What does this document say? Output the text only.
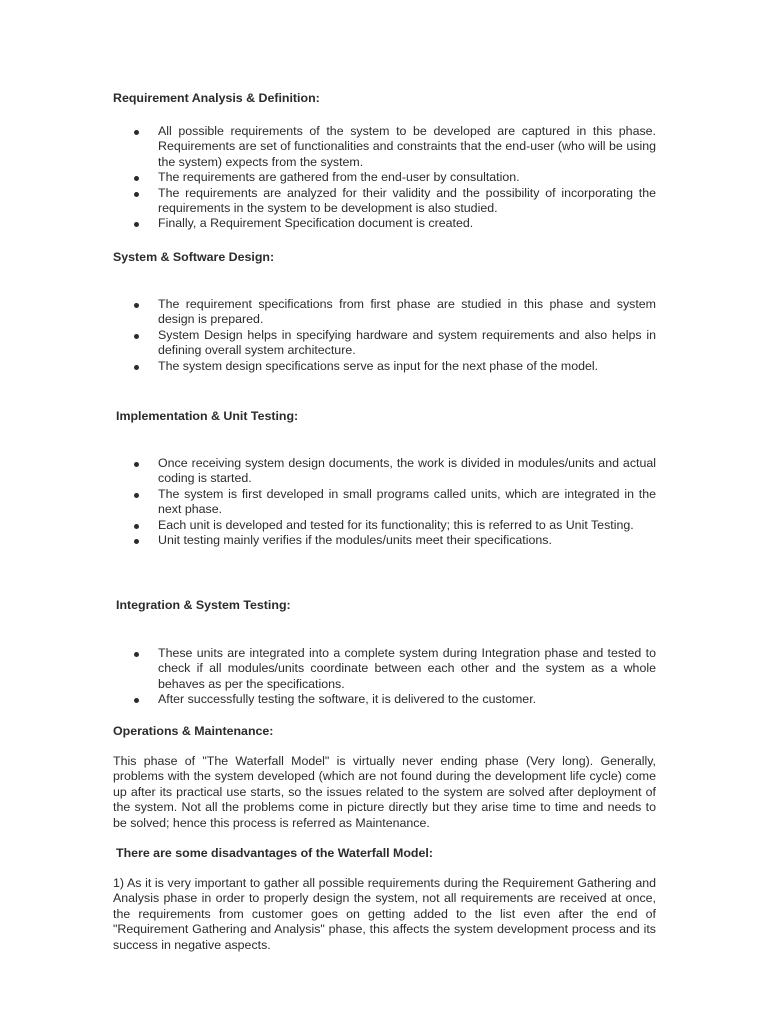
Requirement Analysis & Definition:
All possible requirements of the system to be developed are captured in this phase. Requirements are set of functionalities and constraints that the end-user (who will be using the system) expects from the system.
The requirements are gathered from the end-user by consultation.
The requirements are analyzed for their validity and the possibility of incorporating the requirements in the system to be development is also studied.
Finally, a Requirement Specification document is created.
System & Software Design:
The requirement specifications from first phase are studied in this phase and system design is prepared.
System Design helps in specifying hardware and system requirements and also helps in defining overall system architecture.
The system design specifications serve as input for the next phase of the model.
Implementation & Unit Testing:
Once receiving system design documents, the work is divided in modules/units and actual coding is started.
The system is first developed in small programs called units, which are integrated in the next phase.
Each unit is developed and tested for its functionality; this is referred to as Unit Testing.
Unit testing mainly verifies if the modules/units meet their specifications.
Integration & System Testing:
These units are integrated into a complete system during Integration phase and tested to check if all modules/units coordinate between each other and the system as a whole behaves as per the specifications.
After successfully testing the software, it is delivered to the customer.
Operations & Maintenance:

This phase of "The Waterfall Model" is virtually never ending phase (Very long). Generally, problems with the system developed (which are not found during the development life cycle) come up after its practical use starts, so the issues related to the system are solved after deployment of the system. Not all the problems come in picture directly but they arise time to time and needs to be solved; hence this process is referred as Maintenance.

There are some disadvantages of the Waterfall Model:

1) As it is very important to gather all possible requirements during the Requirement Gathering and Analysis phase in order to properly design the system, not all requirements are received at once, the requirements from customer goes on getting added to the list even after the end of "Requirement Gathering and Analysis" phase, this affects the system development process and its success in negative aspects.
